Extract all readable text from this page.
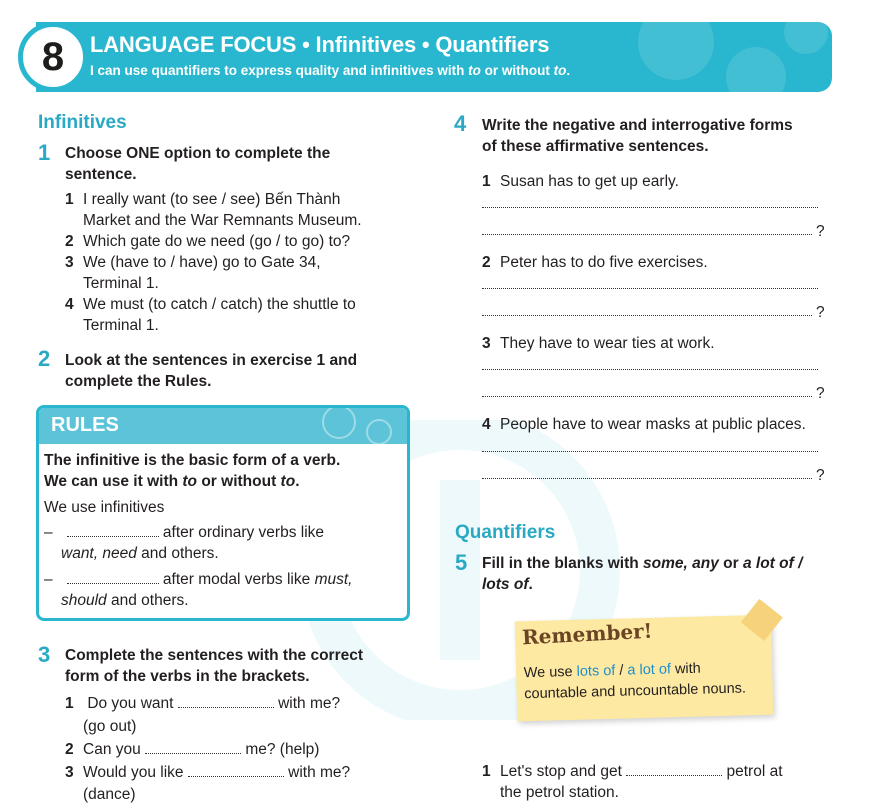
8 LANGUAGE FOCUS • Infinitives • Quantifiers
I can use quantifiers to express quality and infinitives with to or without to.
Infinitives
1 Choose ONE option to complete the
sentence.
1 I really want (to see / see) Bến Thành
Market and the War Remnants Museum.
2 Which gate do we need (go / to go) to?
3 We (have to / have) go to Gate 34,
Terminal 1.
4 We must (to catch / catch) the shuttle to
Terminal 1.
2 Look at the sentences in exercise 1 and
complete the Rules.
RULES
The infinitive is the basic form of a verb.
We can use it with to or without to.
We use infinitives
–	after ordinary verbs like
want, need and others.
–	after modal verbs like must,
should and others.
3 Complete the sentences with the correct
form of the verbs in the brackets.
1 Do you want	with me?
(go out)
2 Can you	me? (help)
3 Would you like	with me?
(dance)
4 Write the negative and interrogative forms
of these affirmative sentences.
1 Susan has to get up early.
?
2 Peter has to do five exercises.
?
3 They have to wear ties at work.
?
4 People have to wear masks at public places.
?
Quantifiers
5 Fill in the blanks with some, any or a lot of /
lots of.
Remember!
We use lots of / a lot of with
countable and uncountable nouns.
1 Let's stop and get	petrol at
the petrol station.
